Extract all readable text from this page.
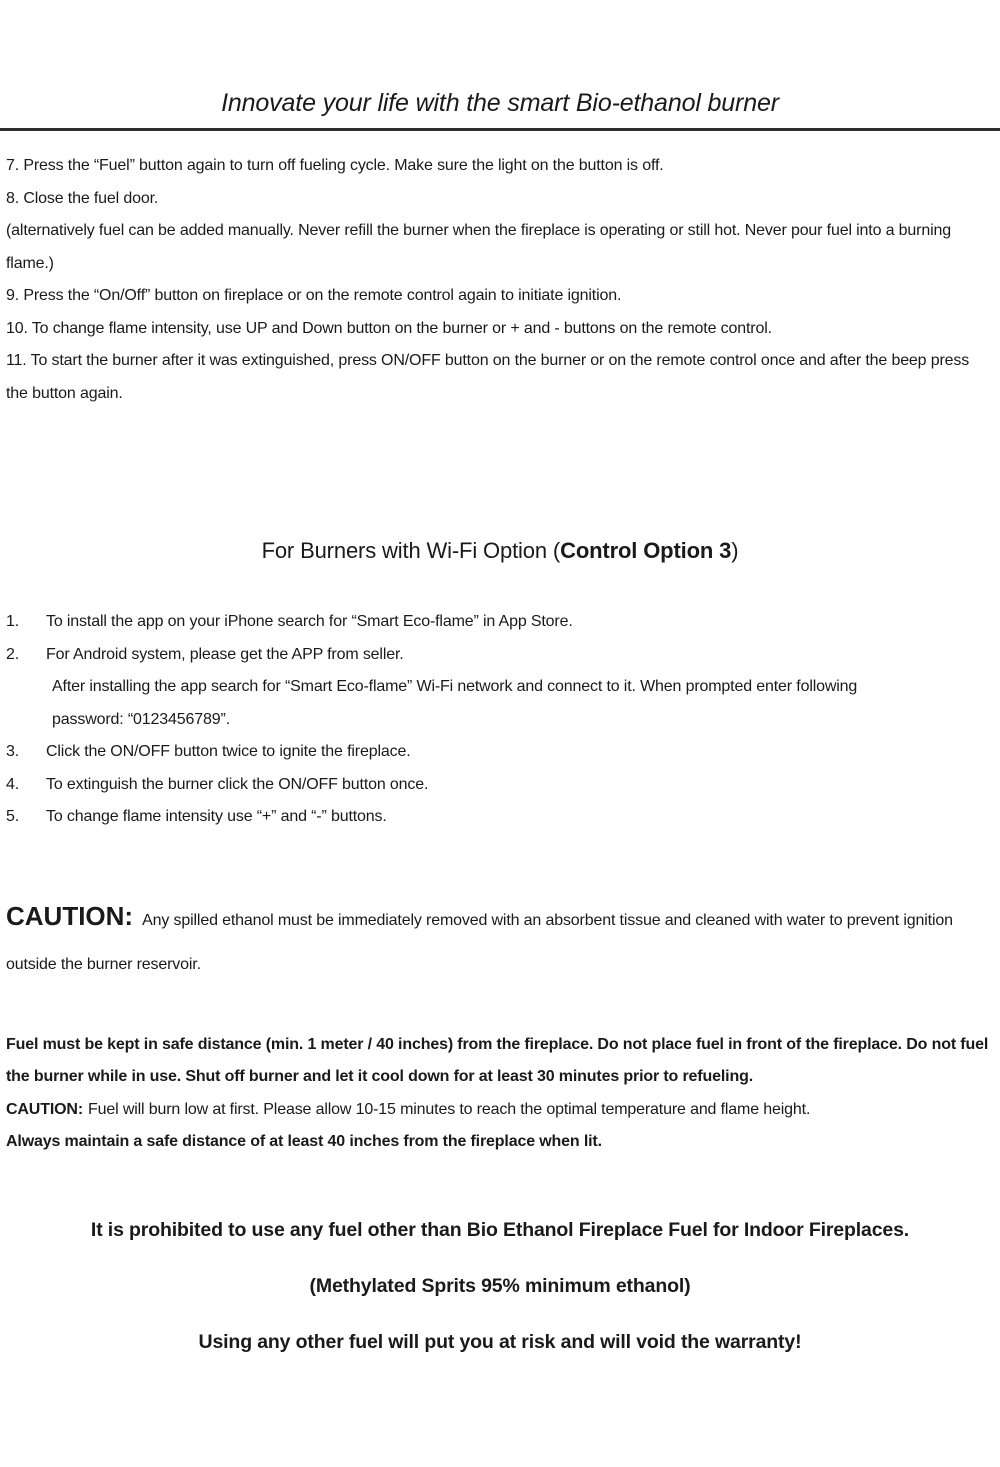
Innovate your life with the smart Bio-ethanol burner

7. Press the “Fuel” button again to turn off fueling cycle. Make sure the light on the button is off.

8. Close the fuel door.

(alternatively fuel can be added manually. Never refill the burner when the fireplace is operating or still hot. Never pour fuel into a burning flame.)

9. Press the “On/Off” button on fireplace or on the remote control again to initiate ignition.

10. To change flame intensity, use UP and Down button on the burner or + and - buttons on the remote control.

11. To start the burner after it was extinguished, press ON/OFF button on the burner or on the remote control once and after the beep press the button again.

For Burners with Wi-Fi Option (Control Option 3)
1.	To install the app on your iPhone search for “Smart Eco-flame” in App Store.
2.	For Android system, please get the APP from seller.
After installing the app search for “Smart Eco-flame” Wi-Fi network and connect to it. When prompted enter following password: “0123456789”.
3.	Click the ON/OFF button twice to ignite the fireplace.
4.	To extinguish the burner click the ON/OFF button once.
5.	To change flame intensity use “+” and “-” buttons.

CAUTION: Any spilled ethanol must be immediately removed with an absorbent tissue and cleaned with water to prevent ignition outside the burner reservoir.

Fuel must be kept in safe distance (min. 1 meter / 40 inches) from the fireplace. Do not place fuel in front of the fireplace. Do not fuel the burner while in use. Shut off burner and let it cool down for at least 30 minutes prior to refueling.

CAUTION: Fuel will burn low at first. Please allow 10-15 minutes to reach the optimal temperature and flame height.

Always maintain a safe distance of at least 40 inches from the fireplace when lit.

It is prohibited to use any fuel other than Bio Ethanol Fireplace Fuel for Indoor Fireplaces.

(Methylated Sprits 95% minimum ethanol)

Using any other fuel will put you at risk and will void the warranty!
